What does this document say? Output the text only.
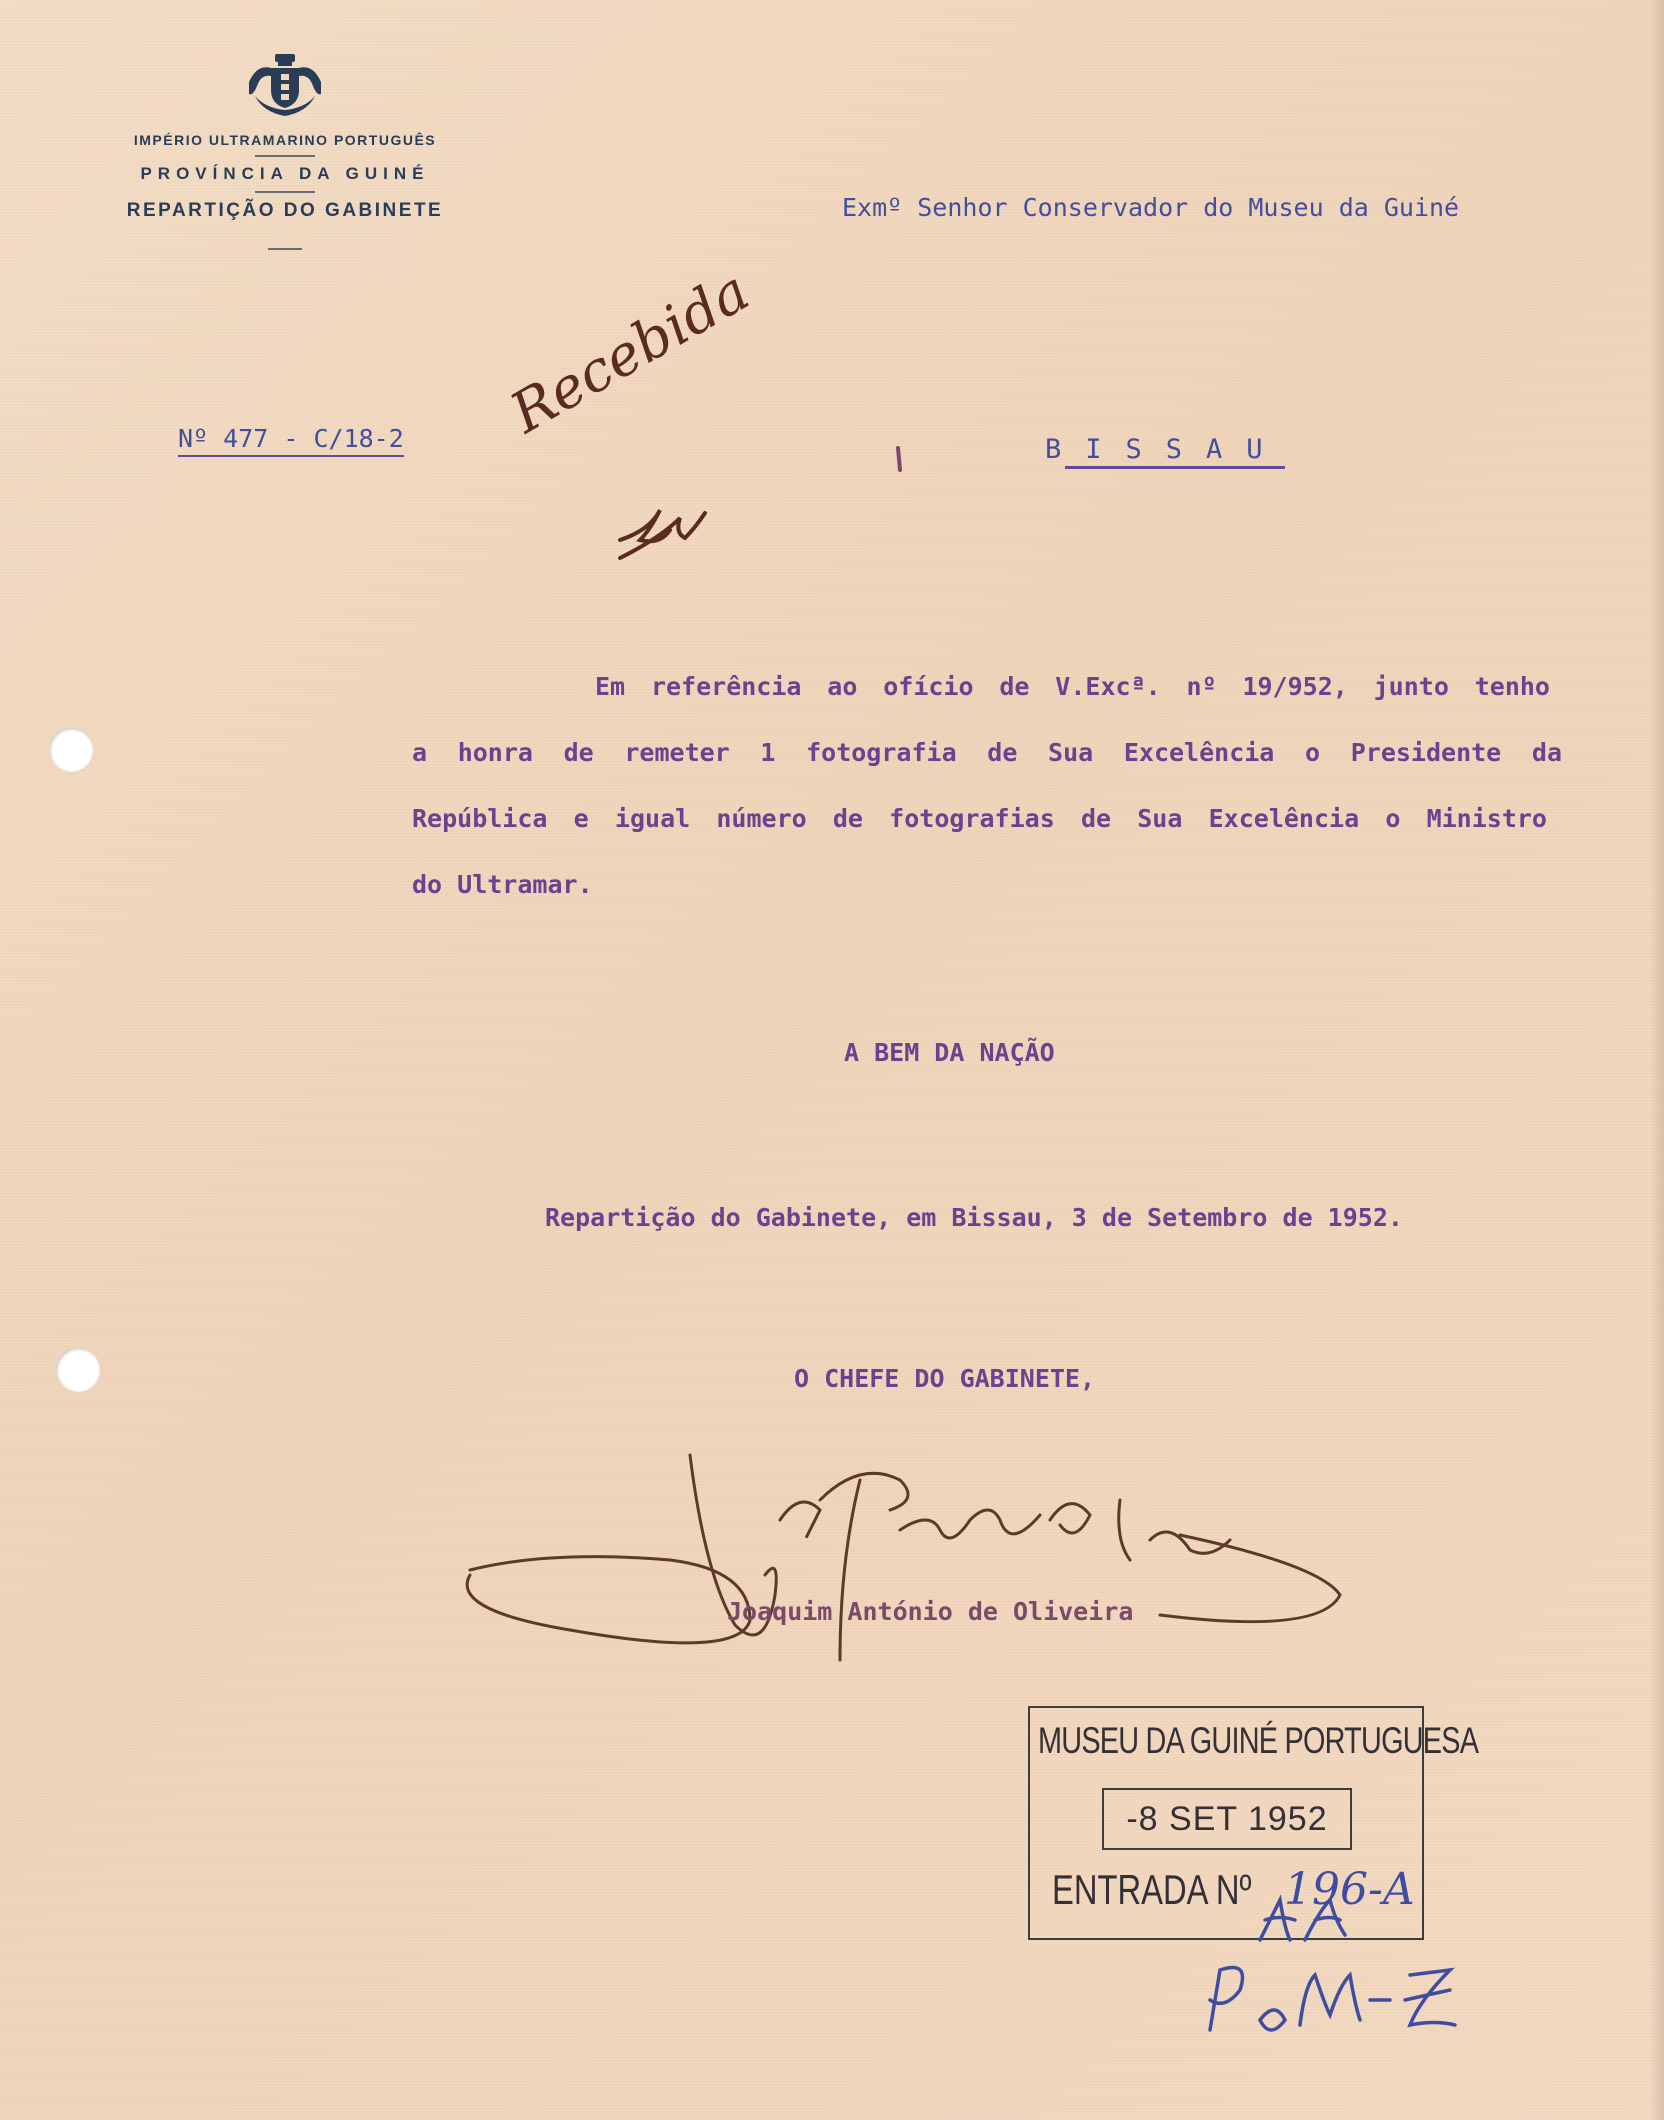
IMPÉRIO ULTRAMARINO PORTUGUÊS
PROVÍNCIA DA GUINÉ
REPARTIÇÃO DO GABINETE	Exmº Senhor Conservador do Museu da Guiné
Nº 477 - C/18-2	BISSAU
Recebida
Em referência ao ofício de V.Excª. nº 19/952, junto tenho
a honra de remeter 1 fotografia de Sua Excelência o Presidente da
República e igual número de fotografias de Sua Excelência o Ministro
do Ultramar.
A BEM DA NAÇÃO
Repartição do Gabinete, em Bissau, 3 de Setembro de 1952.
O CHEFE DO GABINETE,
Joaquim António de Oliveira
MUSEU DA GUINÉ PORTUGUESA
-8 SET 1952
ENTRADA Nº 196-A
